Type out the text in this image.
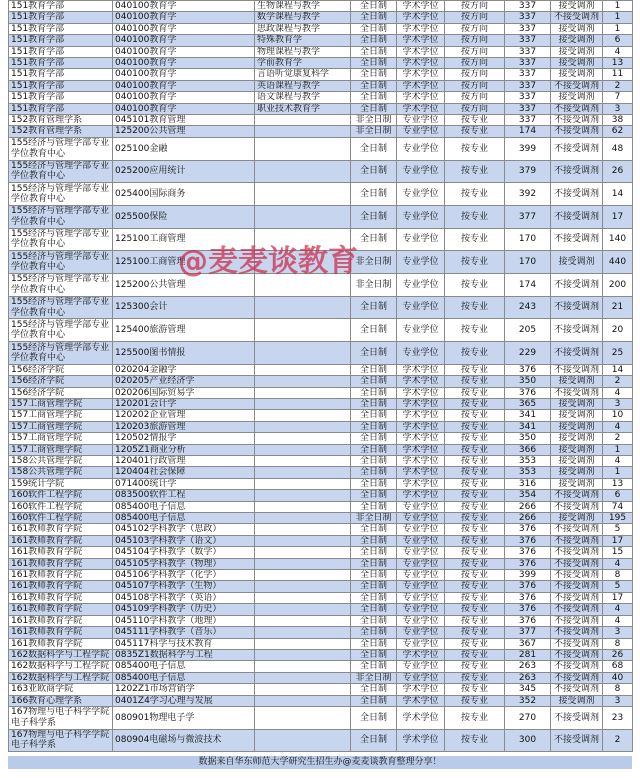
151教育学部	040100教育学	生物课程与教学	全日制	学术学位	按方向	337	接受调剂	1
151教育学部	040100教育学	数学课程与教学	全日制	学术学位	按方向	337	不接受调剂	1
151教育学部	040100教育学	思政课程与教学	全日制	学术学位	按方向	337	接受调剂	1
151教育学部	040100教育学	特殊教育学	全日制	学术学位	按方向	337	接受调剂	6
151教育学部	040100教育学	物理课程与教学	全日制	学术学位	按方向	337	接受调剂	4
151教育学部	040100教育学	学前教育学	全日制	学术学位	按方向	337	接受调剂	13
151教育学部	040100教育学	言语听觉康复科学	全日制	学术学位	按方向	337	接受调剂	11
151教育学部	040100教育学	英语课程与教学	全日制	学术学位	按方向	337	不接受调剂	2
151教育学部	040100教育学	语文课程与教学	全日制	学术学位	按方向	337	接受调剂	7
151教育学部	040100教育学	职业技术教育学	全日制	学术学位	按方向	337	不接受调剂	3
152教育管理学系	045101教育管理		非全日制	专业学位	按专业	337	不接受调剂	38
152教育管理学系	125200公共管理		非全日制	专业学位	按专业	174	不接受调剂	62
155经济与管理学部专业学位教育中心	025100金融		全日制	专业学位	按专业	399	不接受调剂	48
155经济与管理学部专业学位教育中心	025200应用统计		全日制	专业学位	按专业	379	不接受调剂	26
155经济与管理学部专业学位教育中心	025400国际商务		全日制	专业学位	按专业	392	不接受调剂	14
155经济与管理学部专业学位教育中心	025500保险		全日制	专业学位	按专业	377	不接受调剂	17
155经济与管理学部专业学位教育中心	125100工商管理		全日制	专业学位	按专业	170	不接受调剂	140
155经济与管理学部专业学位教育中心	125100工商管理		非全日制	专业学位	按专业	170	接受调剂	440
155经济与管理学部专业学位教育中心	125200公共管理		非全日制	专业学位	按专业	174	不接受调剂	200
155经济与管理学部专业学位教育中心	125300会计		全日制	专业学位	按专业	243	不接受调剂	21
155经济与管理学部专业学位教育中心	125400旅游管理		全日制	专业学位	按专业	205	不接受调剂	20
155经济与管理学部专业学位教育中心	125500图书情报		全日制	专业学位	按专业	229	不接受调剂	25
156经济学院	020204金融学		全日制	学术学位	按专业	376	不接受调剂	14
156经济学院	020205产业经济学		全日制	学术学位	按专业	350	接受调剂	2
156经济学院	020206国际贸易学		全日制	学术学位	按专业	376	不接受调剂	4
157工商管理学院	120201会计学		全日制	学术学位	按专业	365	接受调剂	3
157工商管理学院	120202企业管理		全日制	学术学位	按专业	341	接受调剂	10
157工商管理学院	120203旅游管理		全日制	学术学位	按专业	341	接受调剂	4
157工商管理学院	120502情报学		全日制	学术学位	按专业	350	接受调剂	2
157工商管理学院	1205Z1商业分析		全日制	学术学位	按专业	366	接受调剂	1
158公共管理学院	120401行政管理		全日制	学术学位	按专业	353	接受调剂	4
158公共管理学院	120404社会保障		全日制	学术学位	按专业	353	接受调剂	1
159统计学院	071400统计学		全日制	学术学位	按专业	316	接受调剂	13
160软件工程学院	083500软件工程		全日制	学术学位	按专业	354	不接受调剂	6
160软件工程学院	085400电子信息		全日制	专业学位	按专业	266	不接受调剂	74
160软件工程学院	085400电子信息		非全日制	专业学位	按专业	266	接受调剂	195
161教师教育学院	045102学科教学（思政）		全日制	专业学位	按专业	376	不接受调剂	5
161教师教育学院	045103学科教学（语文）		全日制	专业学位	按专业	376	不接受调剂	17
161教师教育学院	045104学科教学（数学）		全日制	专业学位	按专业	376	不接受调剂	15
161教师教育学院	045105学科教学（物理）		全日制	专业学位	按专业	376	不接受调剂	4
161教师教育学院	045106学科教学（化学）		全日制	专业学位	按专业	399	不接受调剂	8
161教师教育学院	045107学科教学（生物）		全日制	专业学位	按专业	376	不接受调剂	5
161教师教育学院	045108学科教学（英语）		全日制	专业学位	按专业	376	不接受调剂	17
161教师教育学院	045109学科教学（历史）		全日制	专业学位	按专业	376	不接受调剂	4
161教师教育学院	045110学科教学（地理）		全日制	专业学位	按专业	376	不接受调剂	4
161教师教育学院	045111学科教学（音乐）		全日制	专业学位	按专业	377	不接受调剂	3
161教师教育学院	045117科学与技术教育		全日制	专业学位	按专业	367	不接受调剂	8
162数据科学与工程学院	0835Z1数据科学与工程		全日制	学术学位	按专业	281	不接受调剂	26
162数据科学与工程学院	085400电子信息		全日制	专业学位	按专业	263	不接受调剂	68
162数据科学与工程学院	085400电子信息		非全日制	专业学位	按专业	263	不接受调剂	40
163亚欧商学院	1202Z1市场营销学		全日制	学术学位	按专业	345	不接受调剂	8
166教育心理学系	0401Z4学习心理与发展		全日制	学术学位	按专业	352	接受调剂	3
167物理与电子科学学院电子科学系	080901物理电子学		全日制	学术学位	按专业	270	不接受调剂	23
167物理与电子科学学院电子科学系	080904电磁场与微波技术		全日制	学术学位	按专业	300	不接受调剂	2
@麦麦谈教育
数据来自华东师范大学研究生招生办@麦麦谈教育整理分享！
